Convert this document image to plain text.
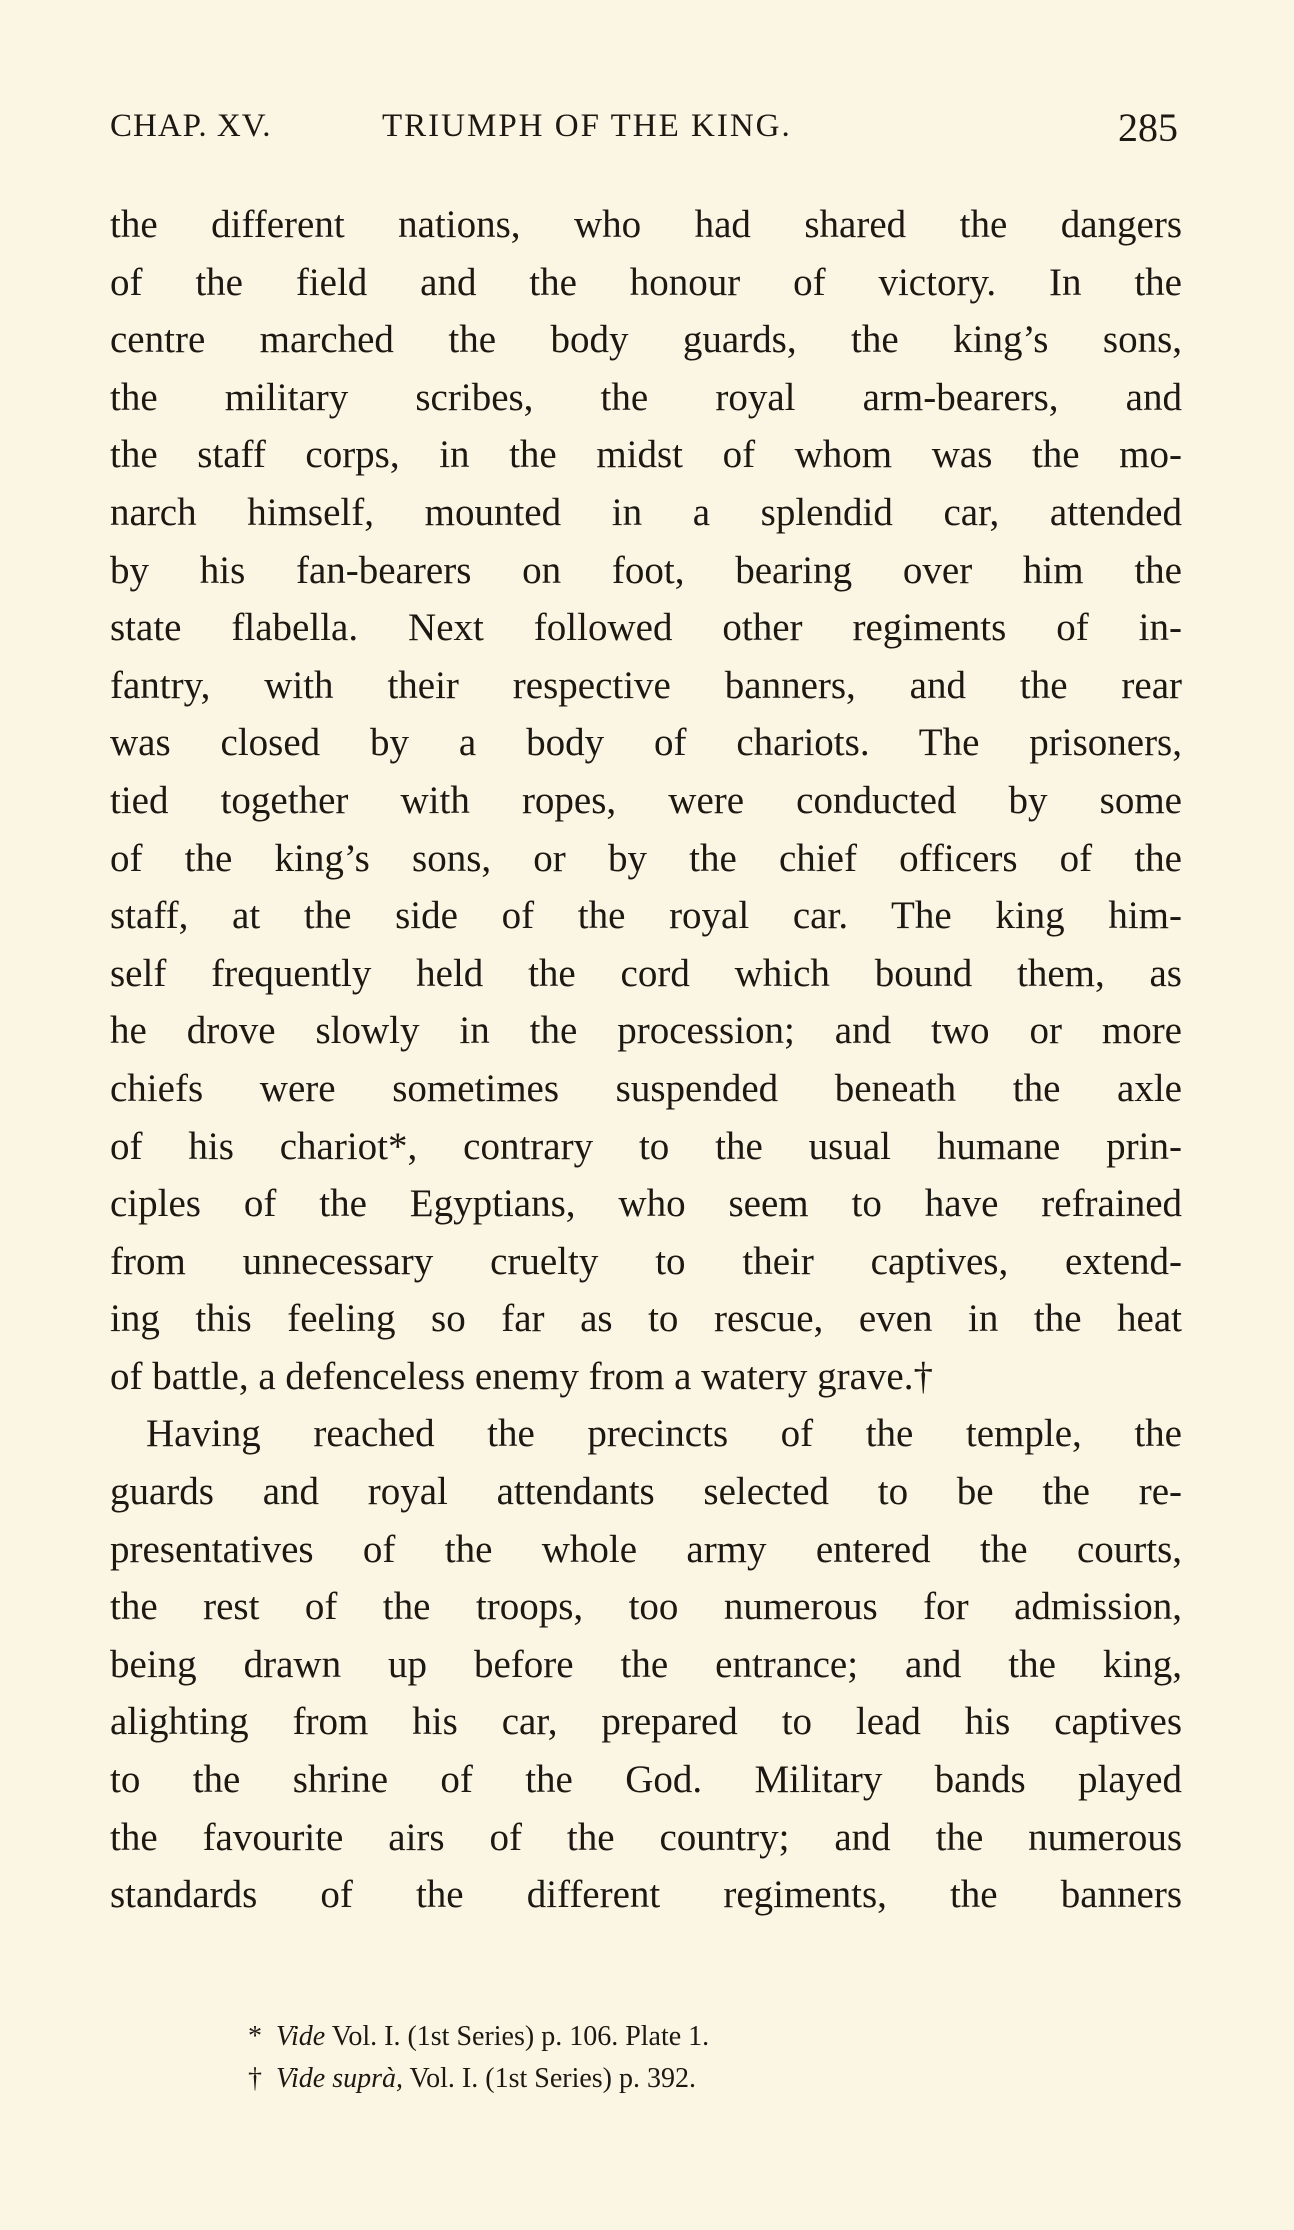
CHAP. XV.	TRIUMPH OF THE KING.	285
the different nations, who had shared the dangers
of the field and the honour of victory. In the
centre marched the body guards, the king’s sons,
the military scribes, the royal arm-bearers, and
the staff corps, in the midst of whom was the mo-
narch himself, mounted in a splendid car, attended
by his fan-bearers on foot, bearing over him the
state flabella. Next followed other regiments of in-
fantry, with their respective banners, and the rear
was closed by a body of chariots. The prisoners,
tied together with ropes, were conducted by some
of the king’s sons, or by the chief officers of the
staff, at the side of the royal car. The king him-
self frequently held the cord which bound them, as
he drove slowly in the procession; and two or more
chiefs were sometimes suspended beneath the axle
of his chariot*, contrary to the usual humane prin-
ciples of the Egyptians, who seem to have refrained
from unnecessary cruelty to their captives, extend-
ing this feeling so far as to rescue, even in the heat
of battle, a defenceless enemy from a watery grave.†
Having reached the precincts of the temple, the
guards and royal attendants selected to be the re-
presentatives of the whole army entered the courts,
the rest of the troops, too numerous for admission,
being drawn up before the entrance; and the king,
alighting from his car, prepared to lead his captives
to the shrine of the God. Military bands played
the favourite airs of the country; and the numerous
standards of the different regiments, the banners
* Vide Vol. I. (1st Series) p. 106. Plate 1.
† Vide suprà, Vol. I. (1st Series) p. 392.
